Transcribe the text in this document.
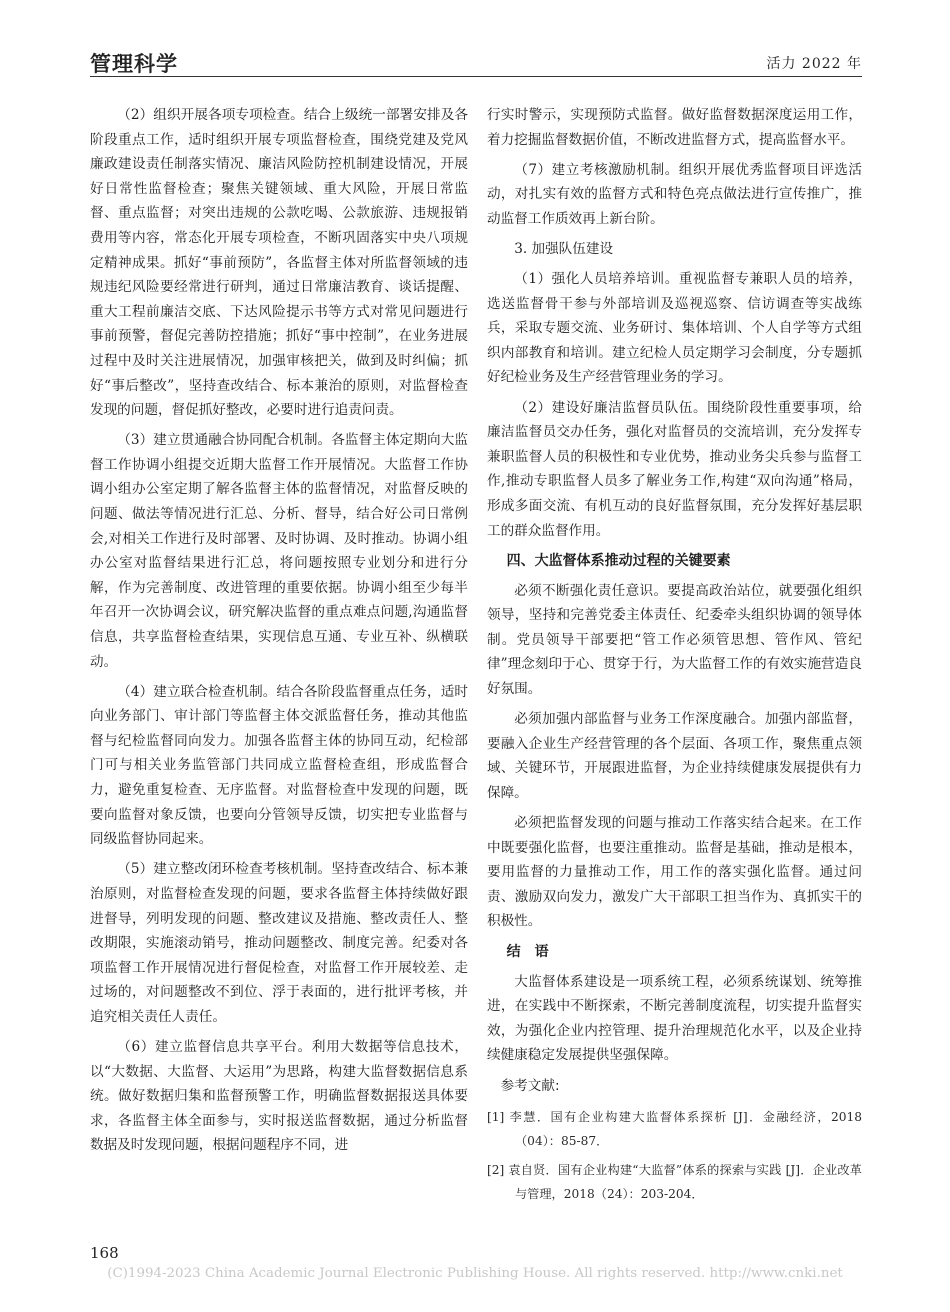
管理科学	活力 2022 年

（2）组织开展各项专项检查。结合上级统一部署安排及各阶段重点工作，适时组织开展专项监督检查，围绕党建及党风廉政建设责任制落实情况、廉洁风险防控机制建设情况，开展好日常性监督检查；聚焦关键领域、重大风险，开展日常监督、重点监督；对突出违规的公款吃喝、公款旅游、违规报销费用等内容，常态化开展专项检查，不断巩固落实中央八项规定精神成果。抓好“事前预防”，各监督主体对所监督领域的违规违纪风险要经常进行研判，通过日常廉洁教育、谈话提醒、重大工程前廉洁交底、下达风险提示书等方式对常见问题进行事前预警，督促完善防控措施；抓好“事中控制”，在业务进展过程中及时关注进展情况，加强审核把关，做到及时纠偏；抓好“事后整改”，坚持查改结合、标本兼治的原则，对监督检查发现的问题，督促抓好整改，必要时进行追责问责。

（3）建立贯通融合协同配合机制。各监督主体定期向大监督工作协调小组提交近期大监督工作开展情况。大监督工作协调小组办公室定期了解各监督主体的监督情况，对监督反映的问题、做法等情况进行汇总、分析、督导，结合好公司日常例会,对相关工作进行及时部署、及时协调、及时推动。协调小组办公室对监督结果进行汇总，将问题按照专业划分和进行分解，作为完善制度、改进管理的重要依据。协调小组至少每半年召开一次协调会议，研究解决监督的重点难点问题,沟通监督信息，共享监督检查结果，实现信息互通、专业互补、纵横联动。

（4）建立联合检查机制。结合各阶段监督重点任务，适时向业务部门、审计部门等监督主体交派监督任务，推动其他监督与纪检监督同向发力。加强各监督主体的协同互动，纪检部门可与相关业务监管部门共同成立监督检查组，形成监督合力，避免重复检查、无序监督。对监督检查中发现的问题，既要向监督对象反馈，也要向分管领导反馈，切实把专业监督与同级监督协同起来。

（5）建立整改闭环检查考核机制。坚持查改结合、标本兼治原则，对监督检查发现的问题，要求各监督主体持续做好跟进督导，列明发现的问题、整改建议及措施、整改责任人、整改期限，实施滚动销号，推动问题整改、制度完善。纪委对各项监督工作开展情况进行督促检查，对监督工作开展较差、走过场的，对问题整改不到位、浮于表面的，进行批评考核，并追究相关责任人责任。

（6）建立监督信息共享平台。利用大数据等信息技术，以“大数据、大监督、大运用”为思路，构建大监督数据信息系统。做好数据归集和监督预警工作，明确监督数据报送具体要求，各监督主体全面参与，实时报送监督数据，通过分析监督数据及时发现问题，根据问题程序不同，进

行实时警示，实现预防式监督。做好监督数据深度运用工作，着力挖掘监督数据价值，不断改进监督方式，提高监督水平。

（7）建立考核激励机制。组织开展优秀监督项目评选活动，对扎实有效的监督方式和特色亮点做法进行宣传推广，推动监督工作质效再上新台阶。

3. 加强队伍建设

（1）强化人员培养培训。重视监督专兼职人员的培养，选送监督骨干参与外部培训及巡视巡察、信访调查等实战练兵，采取专题交流、业务研讨、集体培训、个人自学等方式组织内部教育和培训。建立纪检人员定期学习会制度，分专题抓好纪检业务及生产经营管理业务的学习。

（2）建设好廉洁监督员队伍。围绕阶段性重要事项，给廉洁监督员交办任务，强化对监督员的交流培训，充分发挥专兼职监督人员的积极性和专业优势，推动业务尖兵参与监督工作,推动专职监督人员多了解业务工作,构建“双向沟通”格局，形成多面交流、有机互动的良好监督氛围，充分发挥好基层职工的群众监督作用。

四、大监督体系推动过程的关键要素

必须不断强化责任意识。要提高政治站位，就要强化组织领导，坚持和完善党委主体责任、纪委牵头组织协调的领导体制。党员领导干部要把“管工作必须管思想、管作风、管纪律”理念刻印于心、贯穿于行，为大监督工作的有效实施营造良好氛围。

必须加强内部监督与业务工作深度融合。加强内部监督，要融入企业生产经营管理的各个层面、各项工作，聚焦重点领域、关键环节，开展跟进监督，为企业持续健康发展提供有力保障。

必须把监督发现的问题与推动工作落实结合起来。在工作中既要强化监督，也要注重推动。监督是基础，推动是根本，要用监督的力量推动工作，用工作的落实强化监督。通过问责、激励双向发力，激发广大干部职工担当作为、真抓实干的积极性。

结　语

大监督体系建设是一项系统工程，必须系统谋划、统筹推进，在实践中不断探索，不断完善制度流程，切实提升监督实效，为强化企业内控管理、提升治理规范化水平，以及企业持续健康稳定发展提供坚强保障。

参考文献:
[1] 李慧．国有企业构建大监督体系探析 [J]．金融经济，2018（04）：85-87．
[2] 袁自贤．国有企业构建“大监督”体系的探索与实践 [J]．企业改革与管理，2018（24）：203-204．
168
(C)1994-2023 China Academic Journal Electronic Publishing House. All rights reserved. http://www.cnki.net
